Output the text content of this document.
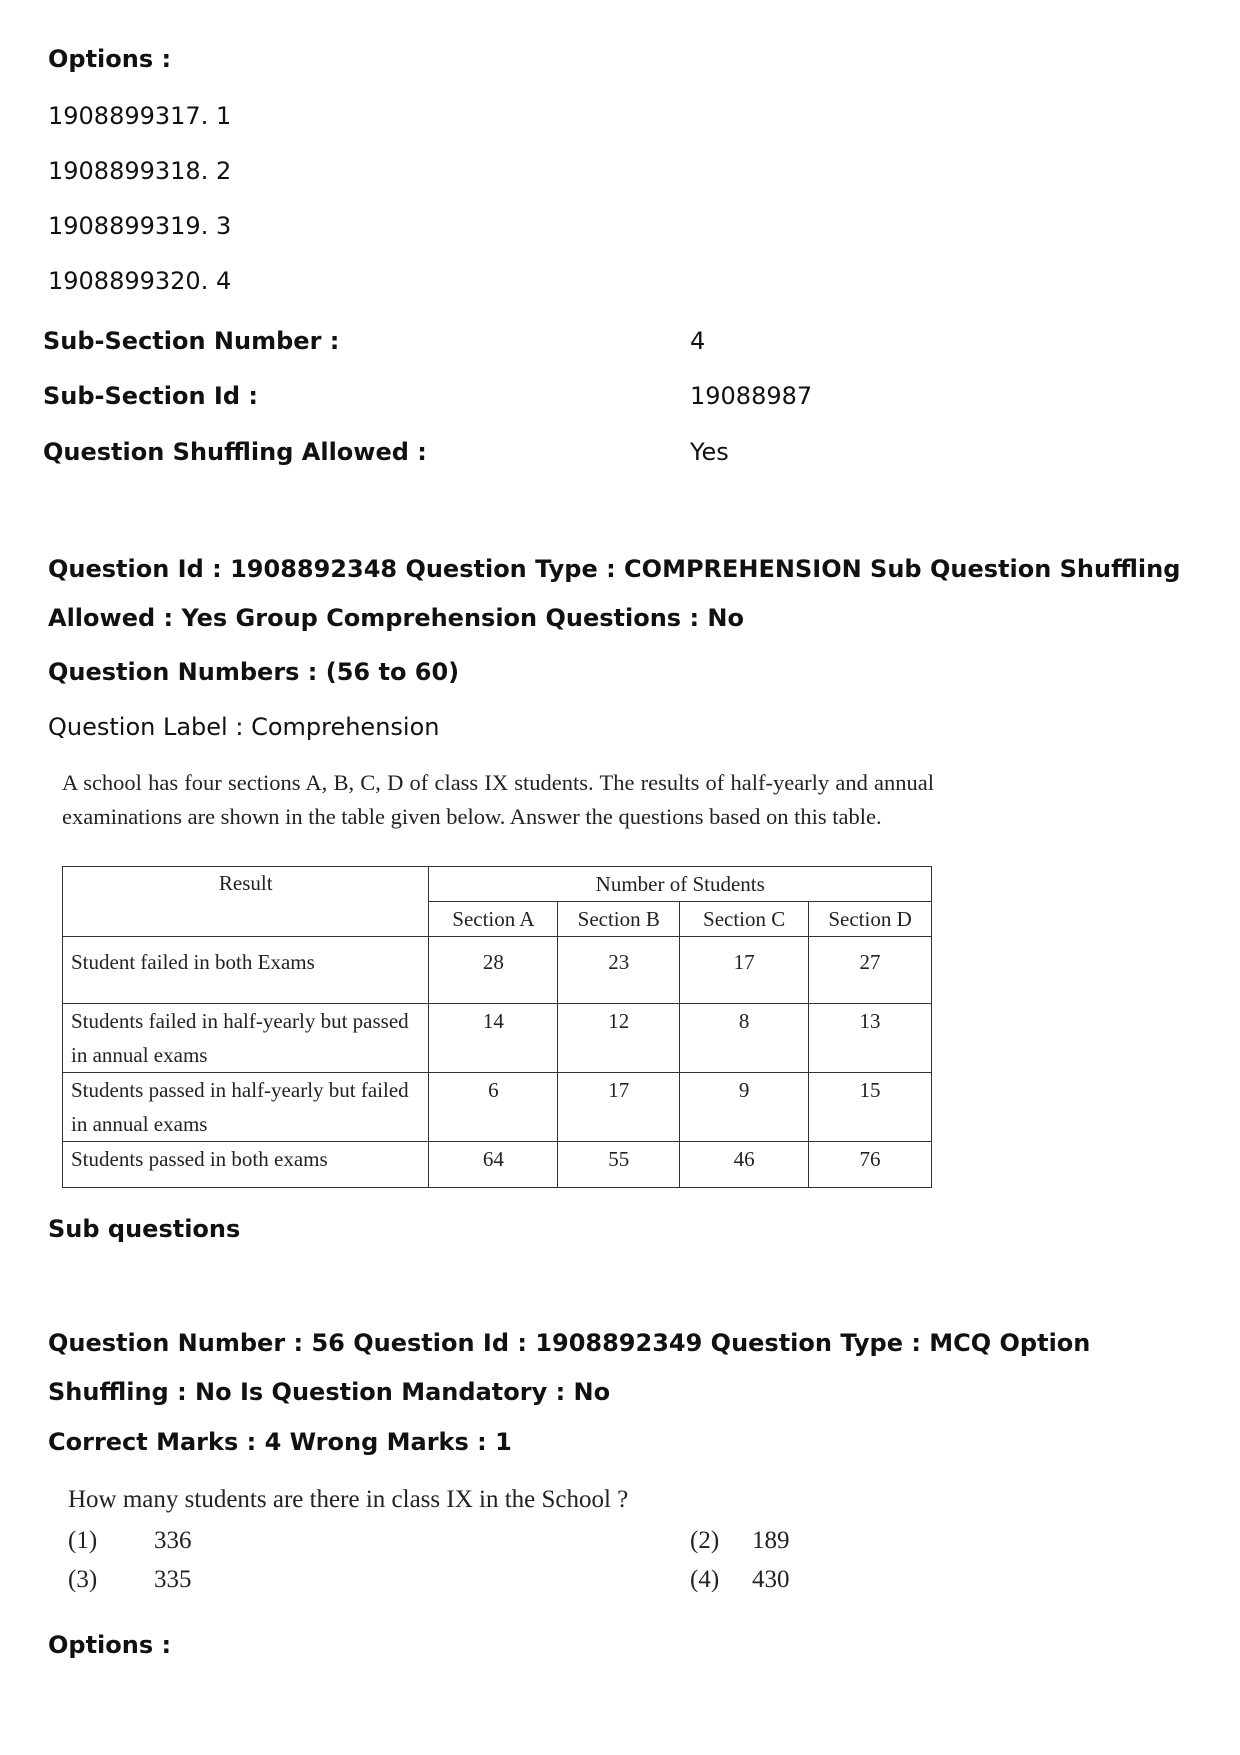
Options :
1908899317. 1
1908899318. 2
1908899319. 3
1908899320. 4
Sub-Section Number :	4
Sub-Section Id :	19088987
Question Shuffling Allowed :	Yes
Question Id : 1908892348 Question Type : COMPREHENSION Sub Question Shuffling Allowed : Yes Group Comprehension Questions : No
Question Numbers : (56 to 60)
Question Label : Comprehension
A school has four sections A, B, C, D of class IX students. The results of half-yearly and annual examinations are shown in the table given below. Answer the questions based on this table.
Result	Number of Students			
	Section A	Section B	Section C	Section D
Student failed in both Exams	28	23	17	27
Students failed in half-yearly but passed in annual exams	14	12	8	13
Students passed in half-yearly but failed in annual exams	6	17	9	15
Students passed in both exams	64	55	46	76
Sub questions
Question Number : 56 Question Id : 1908892349 Question Type : MCQ Option Shuffling : No Is Question Mandatory : No
Correct Marks : 4 Wrong Marks : 1
How many students are there in class IX in the School ?
(1) 336	(2) 189
(3) 335	(4) 430
Options :
